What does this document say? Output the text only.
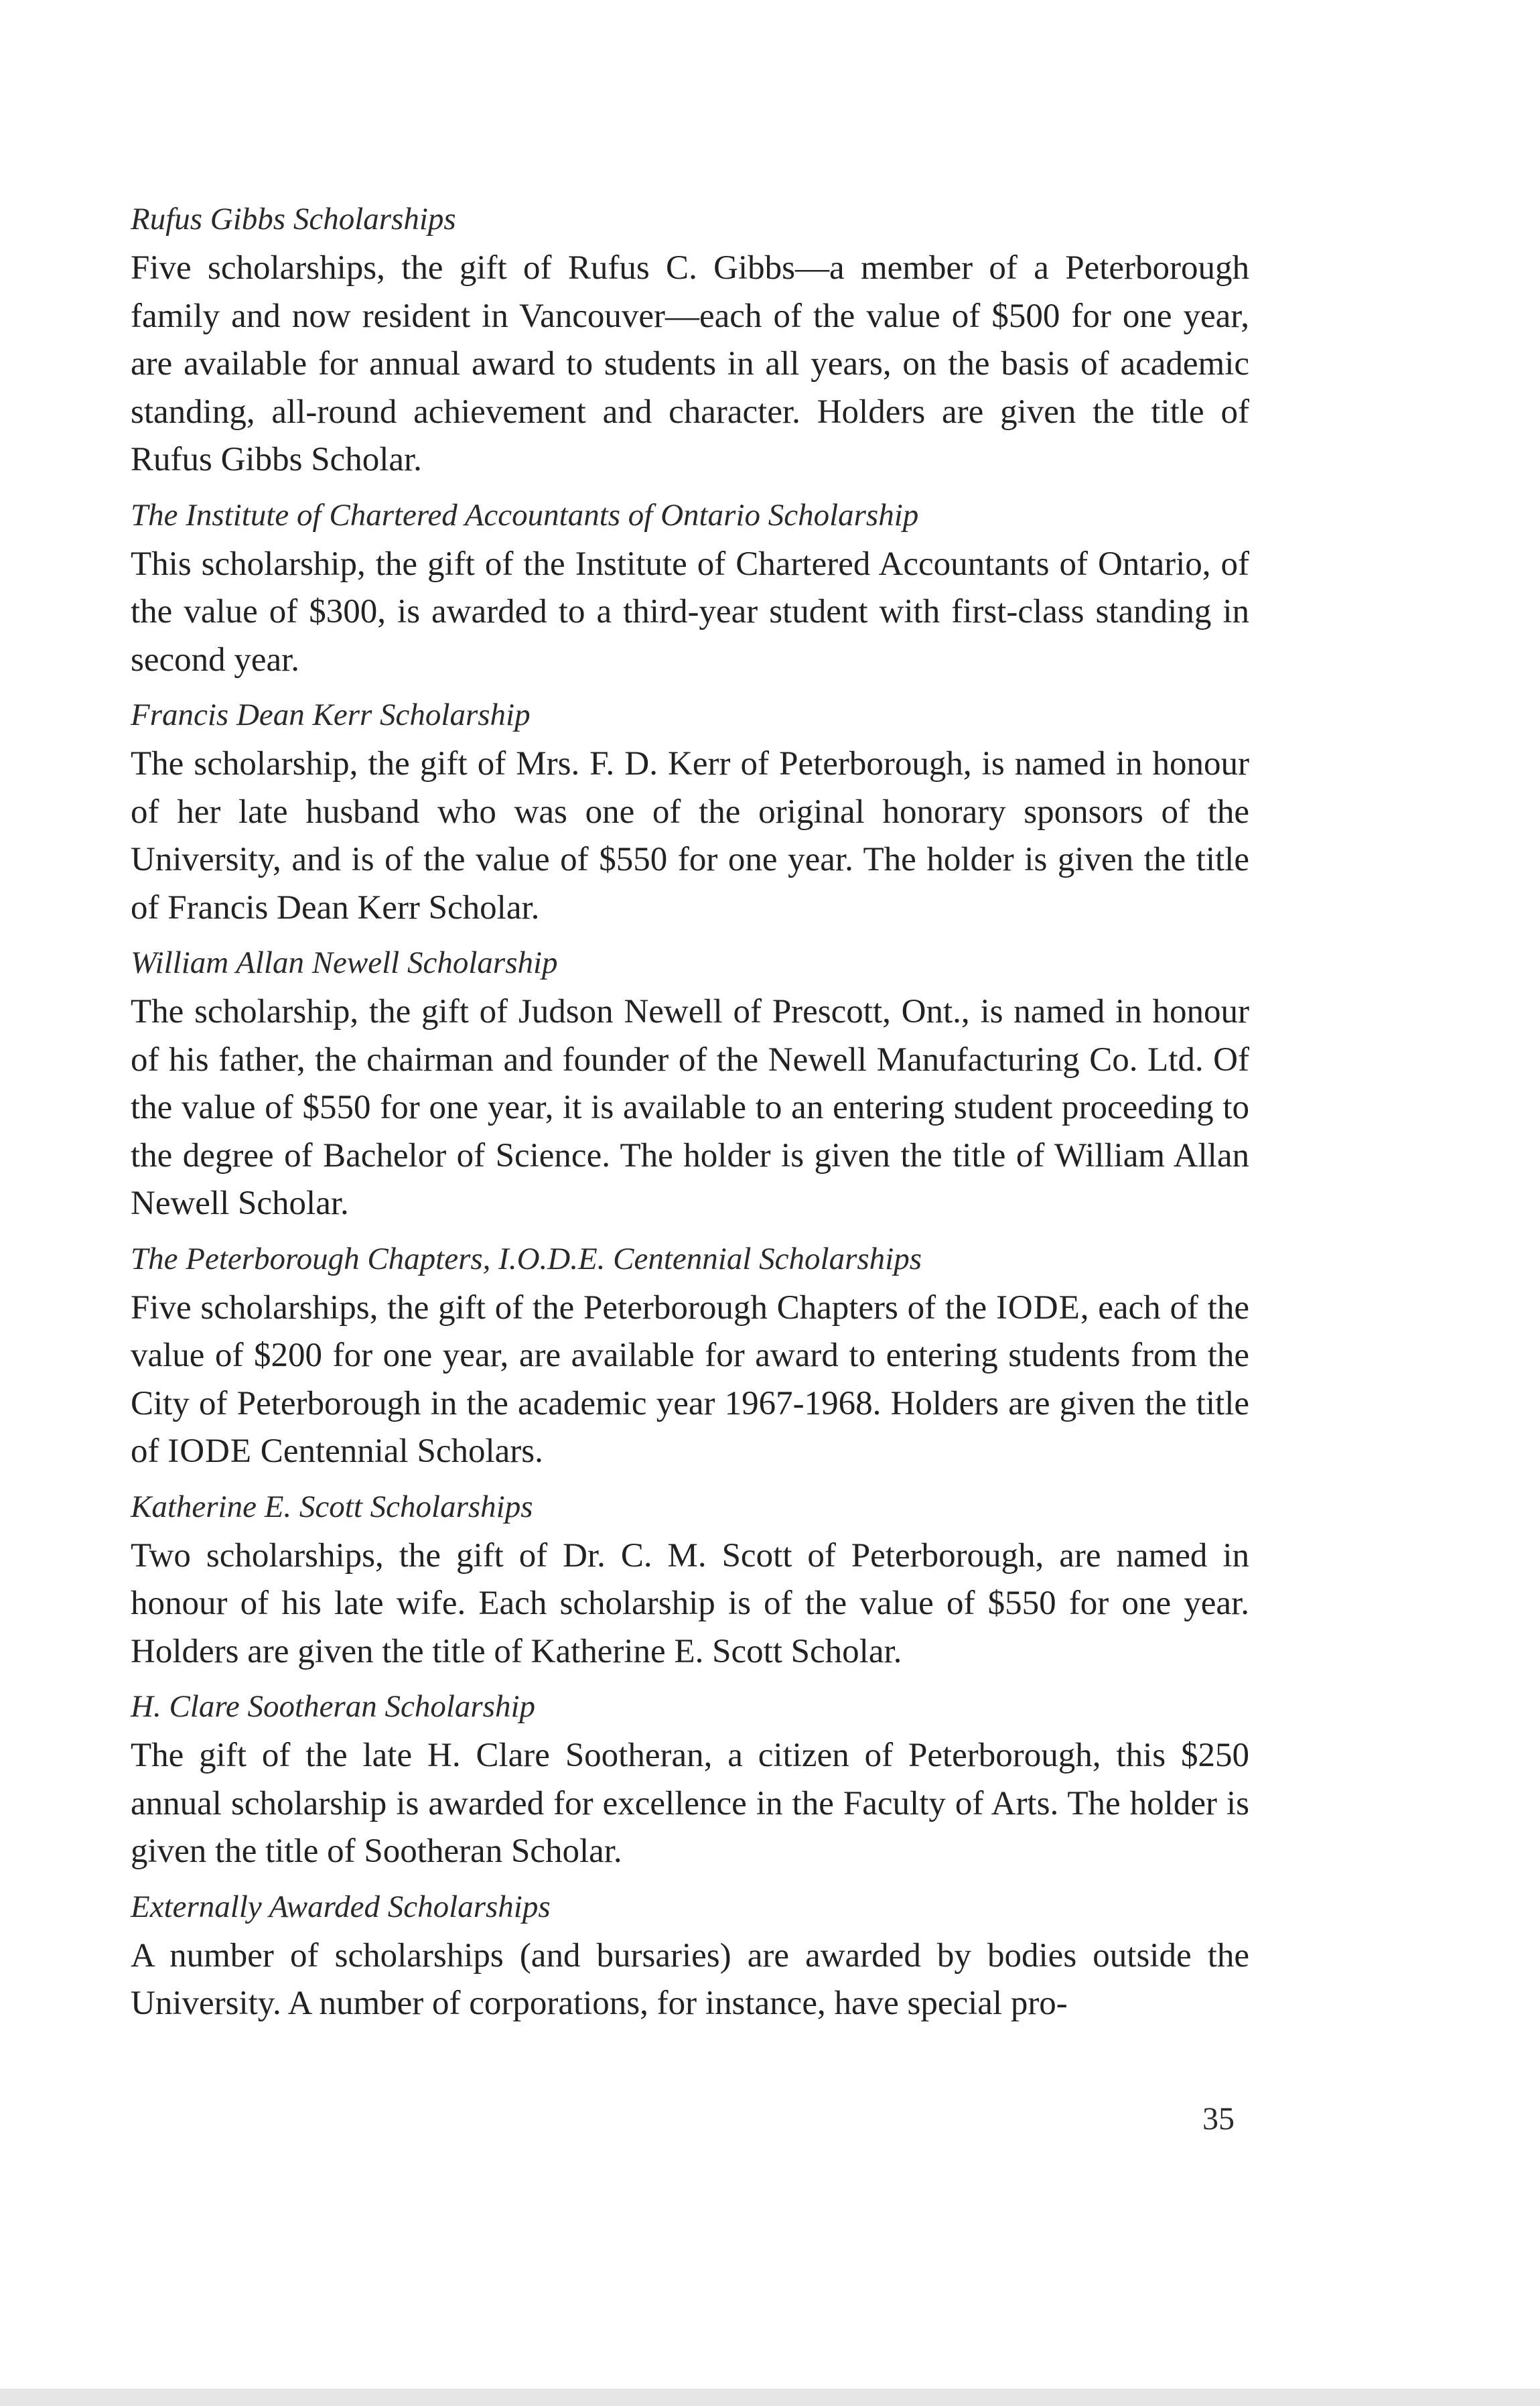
Rufus Gibbs Scholarships

Five scholarships, the gift of Rufus C. Gibbs—a member of a Peterborough family and now resident in Vancouver—each of the value of $500 for one year, are available for annual award to students in all years, on the basis of academic standing, all-round achievement and character. Holders are given the title of Rufus Gibbs Scholar.

The Institute of Chartered Accountants of Ontario Scholarship

This scholarship, the gift of the Institute of Chartered Accountants of Ontario, of the value of $300, is awarded to a third-year student with first-class standing in second year.

Francis Dean Kerr Scholarship

The scholarship, the gift of Mrs. F. D. Kerr of Peterborough, is named in honour of her late husband who was one of the original honorary sponsors of the University, and is of the value of $550 for one year. The holder is given the title of Francis Dean Kerr Scholar.

William Allan Newell Scholarship

The scholarship, the gift of Judson Newell of Prescott, Ont., is named in honour of his father, the chairman and founder of the Newell Manufacturing Co. Ltd. Of the value of $550 for one year, it is available to an entering student proceeding to the degree of Bachelor of Science. The holder is given the title of William Allan Newell Scholar.

The Peterborough Chapters, I.O.D.E. Centennial Scholarships

Five scholarships, the gift of the Peterborough Chapters of the IODE, each of the value of $200 for one year, are available for award to entering students from the City of Peterborough in the academic year 1967-1968. Holders are given the title of IODE Centennial Scholars.

Katherine E. Scott Scholarships

Two scholarships, the gift of Dr. C. M. Scott of Peterborough, are named in honour of his late wife. Each scholarship is of the value of $550 for one year. Holders are given the title of Katherine E. Scott Scholar.

H. Clare Sootheran Scholarship

The gift of the late H. Clare Sootheran, a citizen of Peterborough, this $250 annual scholarship is awarded for excellence in the Faculty of Arts. The holder is given the title of Sootheran Scholar.

Externally Awarded Scholarships

A number of scholarships (and bursaries) are awarded by bodies outside the University. A number of corporations, for instance, have special pro-

35
